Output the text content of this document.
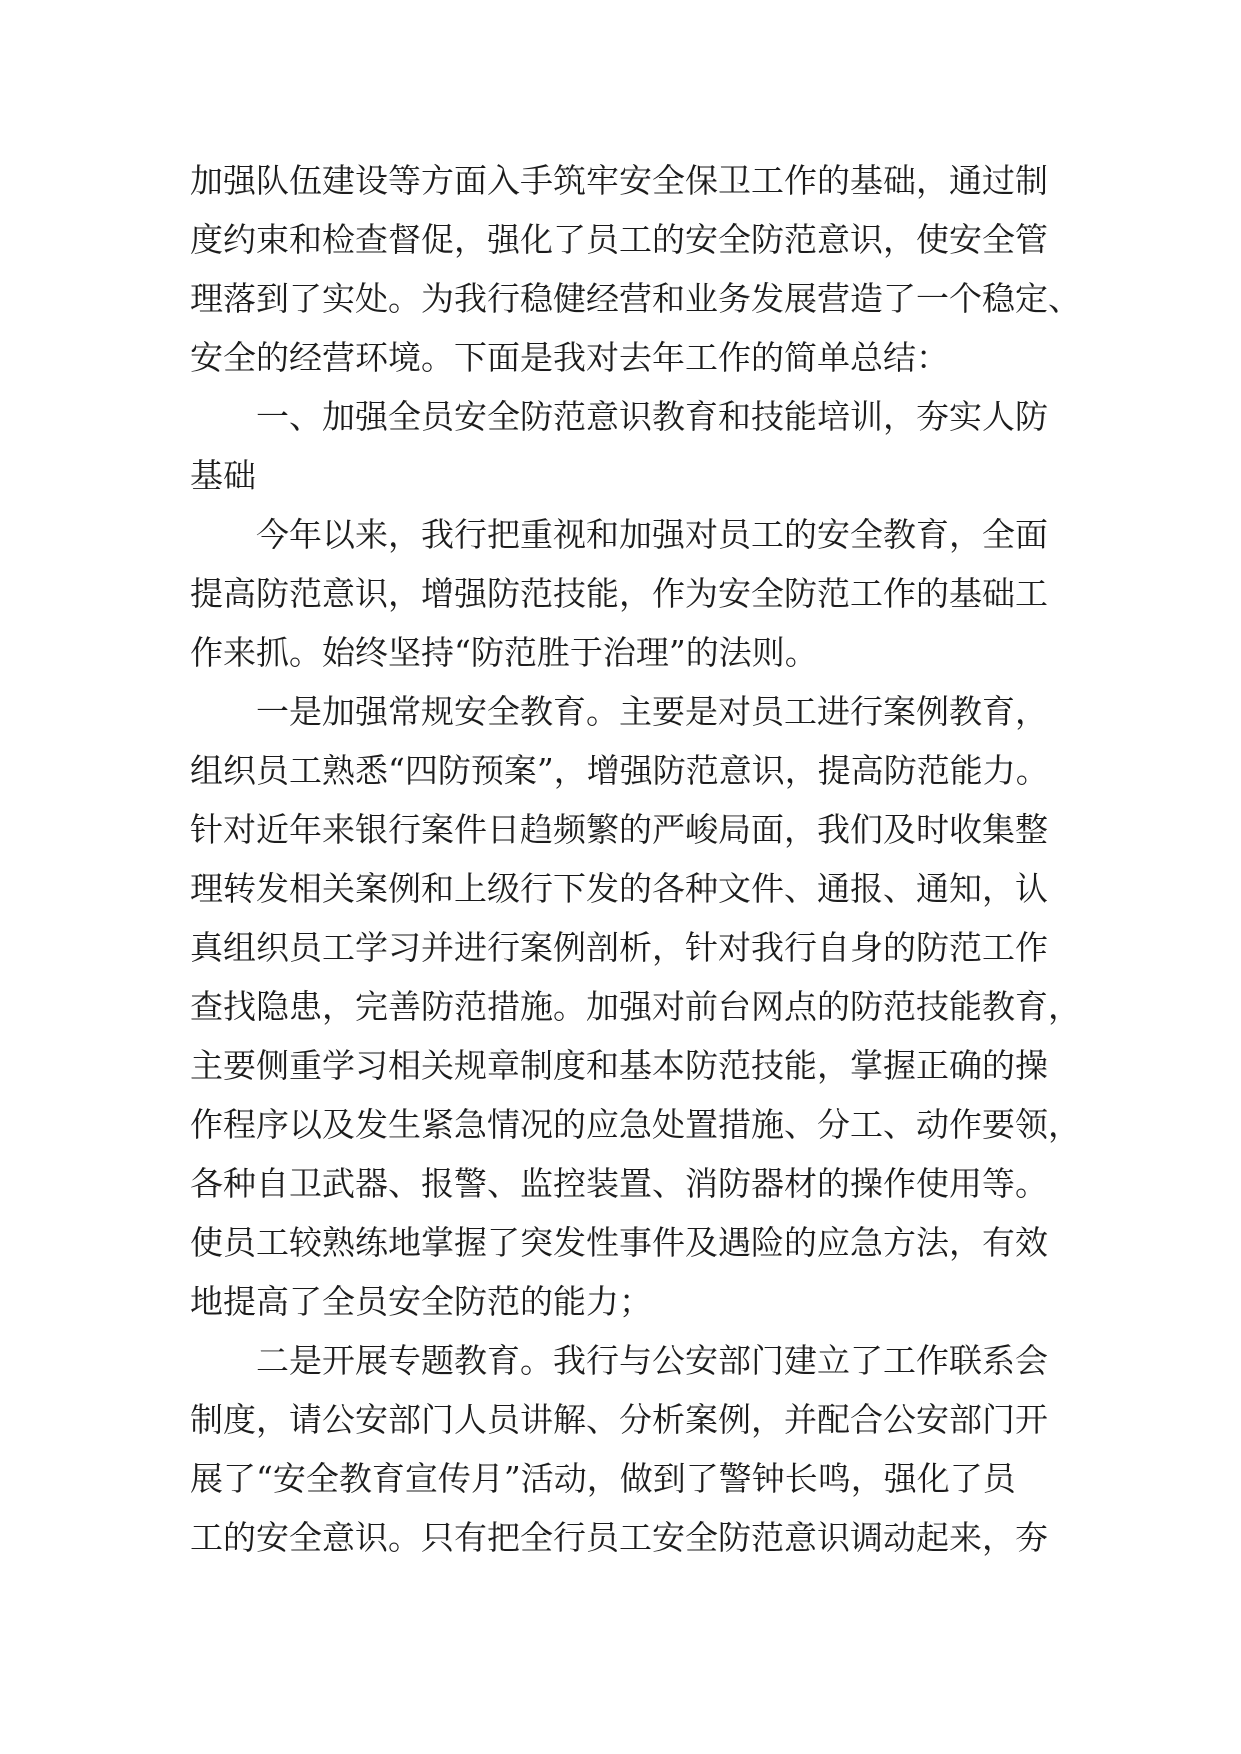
加强队伍建设等方面入手筑牢安全保卫工作的基础，通过制
度约束和检查督促，强化了员工的安全防范意识，使安全管
理落到了实处。为我行稳健经营和业务发展营造了一个稳定、
安全的经营环境。下面是我对去年工作的简单总结：
一、加强全员安全防范意识教育和技能培训，夯实人防
基础
今年以来，我行把重视和加强对员工的安全教育，全面
提高防范意识，增强防范技能，作为安全防范工作的基础工
作来抓。始终坚持“防范胜于治理”的法则。
一是加强常规安全教育。主要是对员工进行案例教育，
组织员工熟悉“四防预案”，增强防范意识，提高防范能力。
针对近年来银行案件日趋频繁的严峻局面，我们及时收集整
理转发相关案例和上级行下发的各种文件、通报、通知，认
真组织员工学习并进行案例剖析，针对我行自身的防范工作
查找隐患，完善防范措施。加强对前台网点的防范技能教育，
主要侧重学习相关规章制度和基本防范技能，掌握正确的操
作程序以及发生紧急情况的应急处置措施、分工、动作要领，
各种自卫武器、报警、监控装置、消防器材的操作使用等。
使员工较熟练地掌握了突发性事件及遇险的应急方法，有效
地提高了全员安全防范的能力；
二是开展专题教育。我行与公安部门建立了工作联系会
制度，请公安部门人员讲解、分析案例，并配合公安部门开
展了“安全教育宣传月”活动，做到了警钟长鸣，强化了员
工的安全意识。只有把全行员工安全防范意识调动起来，夯
